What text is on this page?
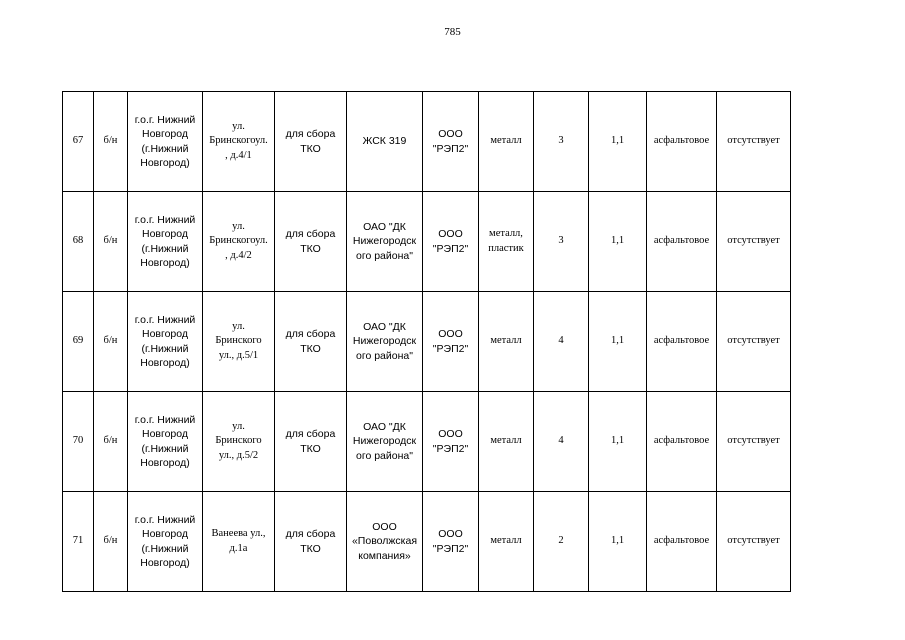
785
67	б/н	г.о.г. Нижний
Новгород
(г.Нижний
Новгород)	ул.
Бринскогоул.
, д.4/1	для сбора
ТКО	ЖСК 319	ООО
"РЭП2"	металл	3	1,1	асфальтовое	отсутствует
68	б/н	г.о.г. Нижний
Новгород
(г.Нижний
Новгород)	ул.
Бринскогоул.
, д.4/2	для сбора
ТКО	ОАО "ДК
Нижегородск
ого района"	ООО
"РЭП2"	металл,
пластик	3	1,1	асфальтовое	отсутствует
69	б/н	г.о.г. Нижний
Новгород
(г.Нижний
Новгород)	ул.
Бринского
ул., д.5/1	для сбора
ТКО	ОАО "ДК
Нижегородск
ого района"	ООО
"РЭП2"	металл	4	1,1	асфальтовое	отсутствует
70	б/н	г.о.г. Нижний
Новгород
(г.Нижний
Новгород)	ул.
Бринского
ул., д.5/2	для сбора
ТКО	ОАО "ДК
Нижегородск
ого района"	ООО
"РЭП2"	металл	4	1,1	асфальтовое	отсутствует
71	б/н	г.о.г. Нижний
Новгород
(г.Нижний
Новгород)	Ванеева ул.,
д.1а	для сбора
ТКО	ООО
«Поволжская
компания»	ООО
"РЭП2"	металл	2	1,1	асфальтовое	отсутствует
